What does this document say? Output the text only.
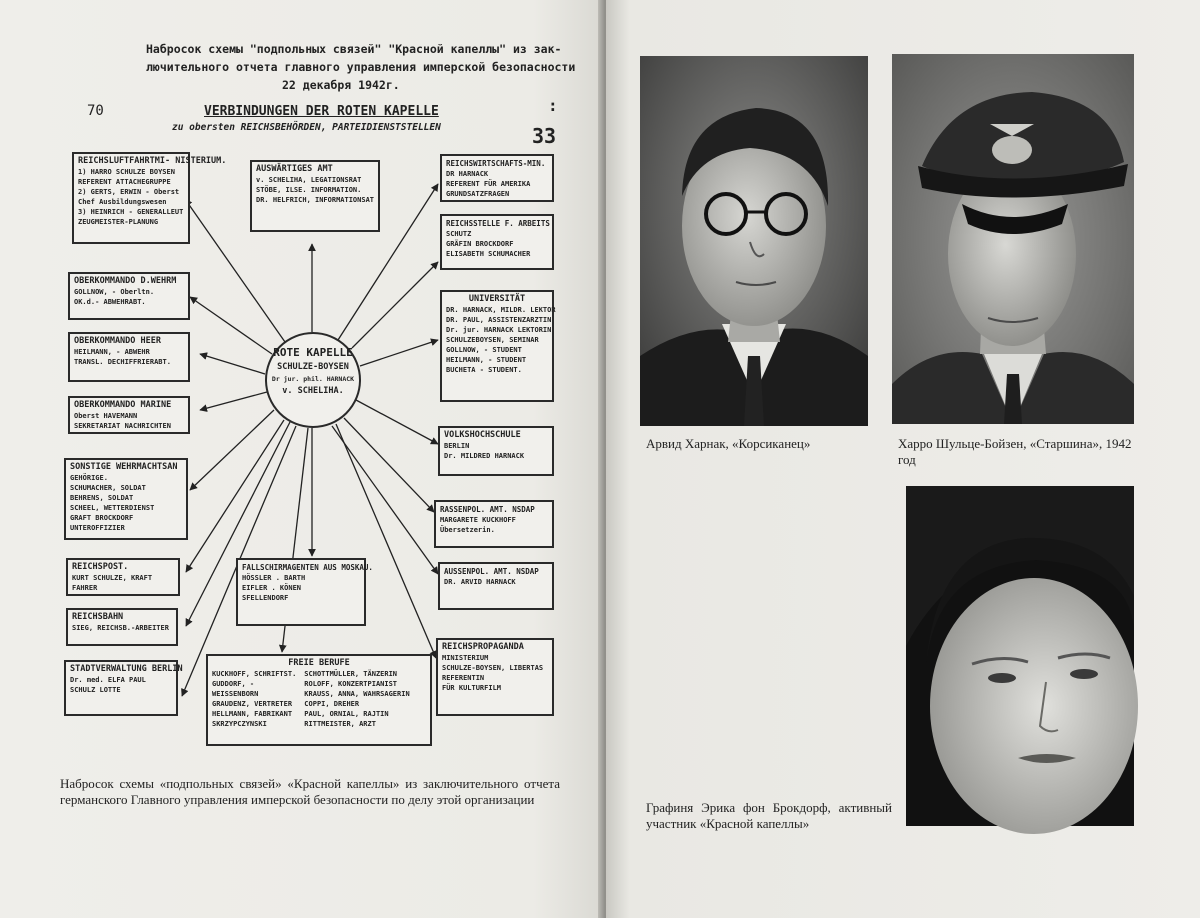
Набросок схемы "подпольных связей" "Красной капеллы" из зак-
лючительного отчета главного управления имперской безопасности
22 декабря 1942г.
70	:
33
VERBINDUNGEN DER ROTEN KAPELLE
zu obersten REICHSBEHÖRDEN, PARTEIDIENSTSTELLEN
ROTE KAPELLE
SCHULZE-BOYSEN
Dr jur. phil. HARNACK
v. SCHELIHA.
REICHSLUFTFAHRTMI- NISTERIUM.
1) HARRO SCHULZE BOYSEN
REFERENT ATTACHEGRUPPE
2) GERTS, ERWIN - Oberst
Chef Ausbildungswesen
3) HEINRICH - GENERALLEUT
ZEUGMEISTER-PLANUNG
OBERKOMMANDO D.WEHRM
GOLLNOW, - Oberltn.
OK.d.- ABWEHRABT.
OBERKOMMANDO HEER
HEILMANN, - ABWEHR
TRANSL. DECHIFFRIERABT.
OBERKOMMANDO MARINE
Oberst HAVEMANN
SEKRETARIAT NACHRICHTEN
SONSTIGE WEHRMACHTSAN
GEHÖRIGE.
SCHUMACHER, SOLDAT
BEHRENS, SOLDAT
SCHEEL, WETTERDIENST
GRAFT BROCKDORF
UNTEROFFIZIER
REICHSPOST.
KURT SCHULZE, KRAFT
FAHRER
REICHSBAHN
SIEG, REICHSB.-ARBEITER
STADTVERWALTUNG BERLIN
Dr. med. ELFA PAUL
SCHULZ LOTTE
AUSWÄRTIGES AMT
v. SCHELIHA, LEGATIONSRAT
STÖBE, ILSE. INFORMATION.
DR. HELFRICH, INFORMATIONSAT
FALLSCHIRMAGENTEN AUS MOSKAU.
HÖSSLER . BARTH
EIFLER . KÖNEN
SFELLENDORF
FREIE BERUFE
KUCKHOFF, SCHRIFTST.
GUDDORF, -
WEISSENBORN
GRAUDENZ, VERTRETER
HELLMANN, FABRIKANT
SKRZYPCZYNSKI
SCHOTTMÜLLER, TÄNZERIN
ROLOFF, KONZERTPIANIST
KRAUSS, ANNA, WAHRSAGERIN
COPPI, DREHER
PAUL, ORNIAL, RAJTIN
RITTMEISTER, ARZT
REICHSWIRTSCHAFTS-MIN.
DR HARNACK
REFERENT FÜR AMERIKA
GRUNDSATZFRAGEN
REICHSSTELLE F. ARBEITS
SCHUTZ
GRÄFIN BROCKDORF
ELISABETH SCHUMACHER
UNIVERSITÄT
DR. HARNACK, MILDR. LEKTOR
DR. PAUL, ASSISTENZARZTIN
Dr. jur. HARNACK LEKTORIN
SCHULZEBOYSEN, SEMINAR
GOLLNOW, - STUDENT
HEILMANN, - STUDENT
BUCHETA - STUDENT.
VOLKSHOCHSCHULE
BERLIN
Dr. MILDRED HARNACK
RASSENPOL. AMT. NSDAP
MARGARETE KUCKHOFF
Übersetzerin.
AUSSENPOL. AMT. NSDAP
DR. ARVID HARNACK
REICHSPROPAGANDA
MINISTERIUM
SCHULZE-BOYSEN, LIBERTAS
REFERENTIN
FÜR KULTURFILM
Набросок схемы «подпольных связей» «Красной капеллы» из заключительного отчета германского Главного управления имперской безопасности по делу этой организации
Арвид Харнак, «Корсиканец»	Харро Шульце-Бойзен, «Старшина», 1942 год
Графиня Эрика фон Брокдорф, активный участник «Красной капеллы»
